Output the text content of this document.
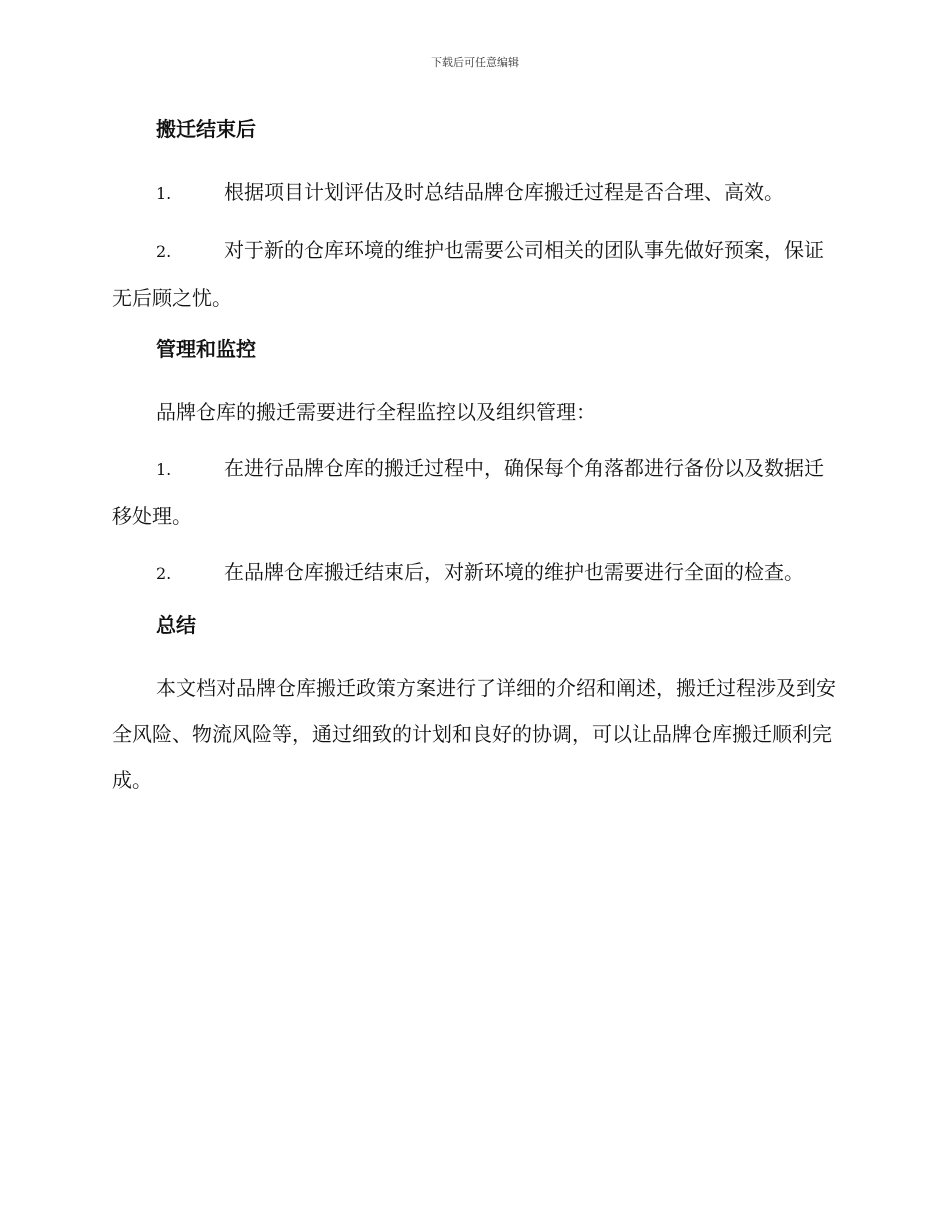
下载后可任意编辑
搬迁结束后
1.	根据项目计划评估及时总结品牌仓库搬迁过程是否合理、高效。
2.	对于新的仓库环境的维护也需要公司相关的团队事先做好预案，保证无后顾之忧。
管理和监控
品牌仓库的搬迁需要进行全程监控以及组织管理：
1.	在进行品牌仓库的搬迁过程中，确保每个角落都进行备份以及数据迁移处理。
2.	在品牌仓库搬迁结束后，对新环境的维护也需要进行全面的检查。
总结
本文档对品牌仓库搬迁政策方案进行了详细的介绍和阐述，搬迁过程涉及到安全风险、物流风险等，通过细致的计划和良好的协调，可以让品牌仓库搬迁顺利完成。
